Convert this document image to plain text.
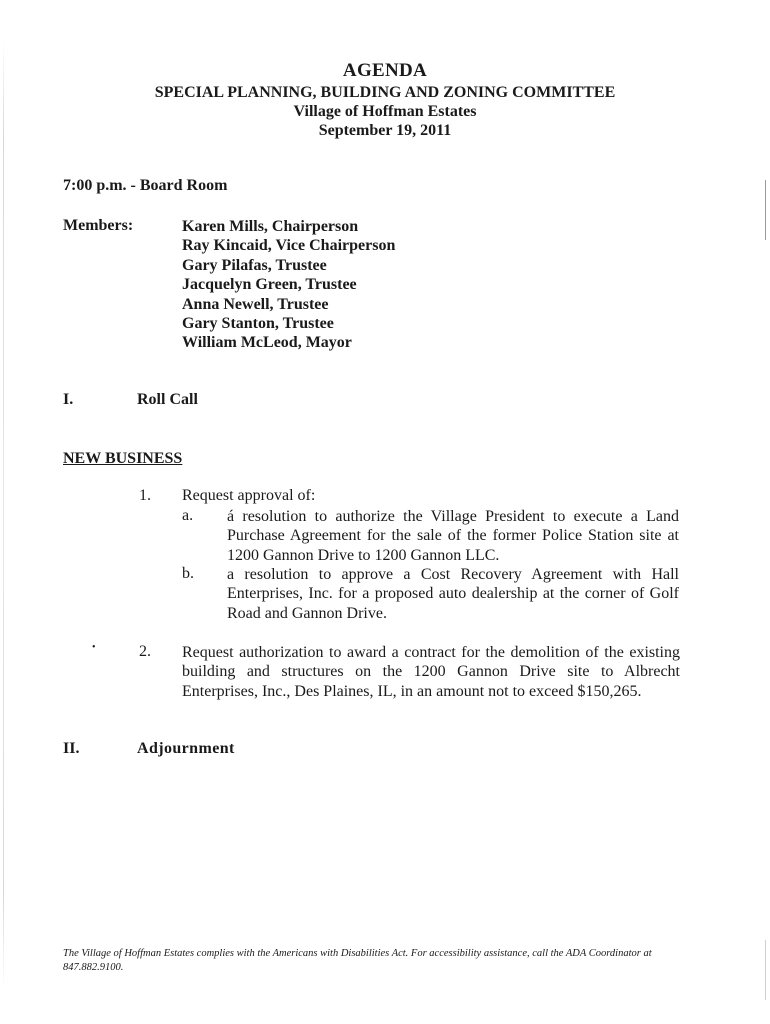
AGENDA
SPECIAL PLANNING, BUILDING AND ZONING COMMITTEE
Village of Hoffman Estates
September 19, 2011
7:00 p.m. - Board Room
Members:	Karen Mills, Chairperson
Ray Kincaid, Vice Chairperson
Gary Pilafas, Trustee
Jacquelyn Green, Trustee
Anna Newell, Trustee
Gary Stanton, Trustee
William McLeod, Mayor
I.	Roll Call
NEW BUSINESS
1. Request approval of:
a. á resolution to authorize the Village President to execute a Land Purchase Agreement for the sale of the former Police Station site at 1200 Gannon Drive to 1200 Gannon LLC.
b. a resolution to approve a Cost Recovery Agreement with Hall Enterprises, Inc. for a proposed auto dealership at the corner of Golf Road and Gannon Drive.
•	2. Request authorization to award a contract for the demolition of the existing building and structures on the 1200 Gannon Drive site to Albrecht Enterprises, Inc., Des Plaines, IL, in an amount not to exceed $150,265.
II.	Adjournment
The Village of Hoffman Estates complies with the Americans with Disabilities Act. For accessibility assistance, call the ADA Coordinator at 847.882.9100.
